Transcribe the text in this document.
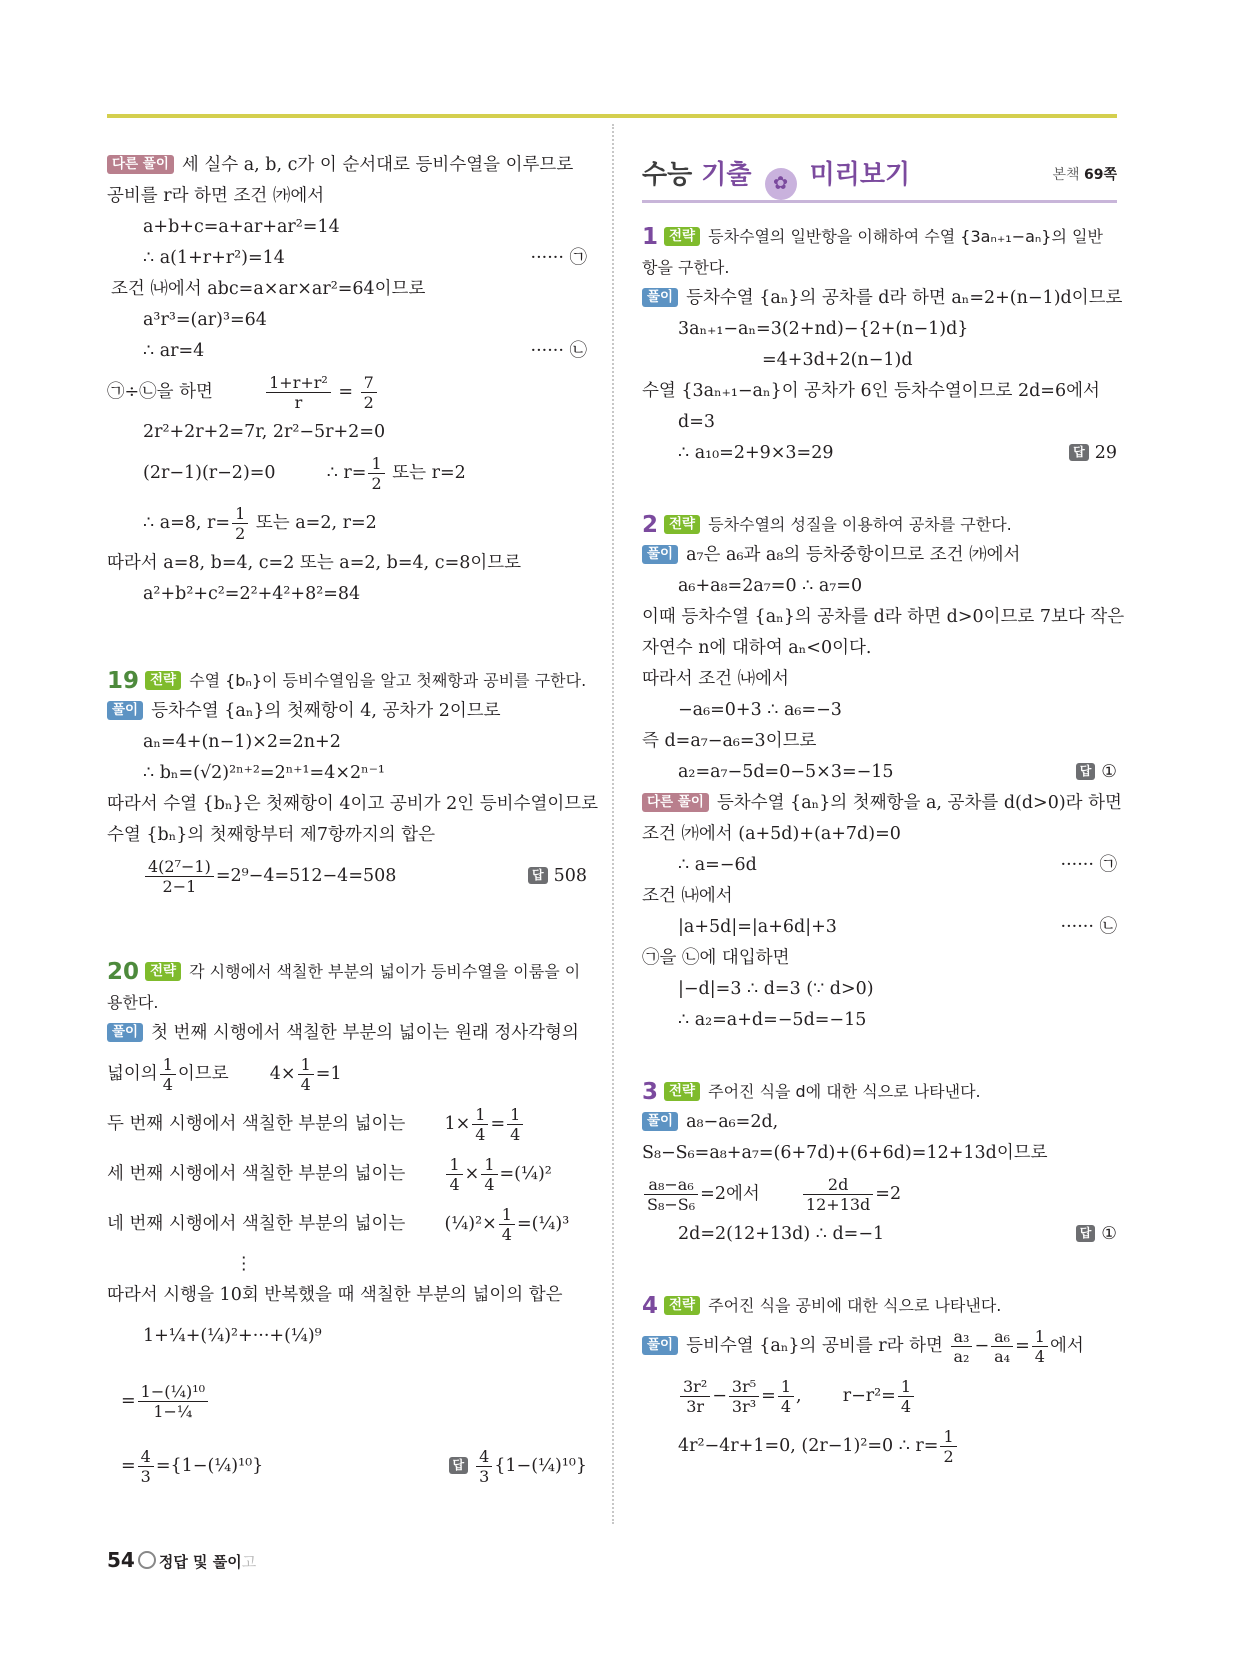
다른 풀이 세 실수 a, b, c가 이 순서대로 등비수열을 이루므로
공비를 r라 하면 조건 ㈎에서
a+b+c=a+ar+ar²=14
∴ a(1+r+r²)=14	······ ㉠
조건 ㈏에서 abc=a×ar×ar²=64이므로
a³r³=(ar)³=64
∴ ar=4	······ ㉡
㉠÷㉡을 하면	$\frac{\text{1+r+r²}}{r} = \frac{7}{2}$
2r²+2r+2=7r, 2r²−5r+2=0
(2r−1)(r−2)=0	∴ $r= \frac{1}{2}$ 또는 r=2
∴ a=8, $r= \frac{1}{2}$ 또는 a=2, r=2
따라서 a=8, b=4, c=2 또는 a=2, b=4, c=8이므로
a²+b²+c²=2²+4²+8²=84
19 전략 수열 {bₙ}이 등비수열임을 알고 첫째항과 공비를 구한다.
풀이 등차수열 {aₙ}의 첫째항이 4, 공차가 2이므로
aₙ=4+(n−1)×2=2n+2
∴ bₙ=(√2)²ⁿ⁺²=2ⁿ⁺¹=4×2ⁿ⁻¹
따라서 수열 {bₙ}은 첫째항이 4이고 공비가 2인 등비수열이므로
수열 {bₙ}의 첫째항부터 제7항까지의 합은
$\frac{\text{4(2⁷−1)}}{2-1} =2^9-4=512-4=508$	답 508
20 전략 각 시행에서 색칠한 부분의 넓이가 등비수열을 이룸을 이
용한다.
풀이 첫 번째 시행에서 색칠한 부분의 넓이는 원래 정사각형의
넓이의 $\frac{1}{4}$ 이므로 $4\times \frac{1}{4} =1$
두 번째 시행에서 색칠한 부분의 넓이는 $1\times \frac{1}{4} = \frac{1}{4}$
세 번째 시행에서 색칠한 부분의 넓이는	$\frac{1}{4} \times \frac{1}{4}$ =(¼)²
네 번째 시행에서 색칠한 부분의 넓이는 (¼)²× $\frac{1}{4}$ =(¼)³
⋮
따라서 시행을 10회 반복했을 때 색칠한 부분의 넓이의 합은
1+¼+(¼)²+···+(¼)⁹
= $\frac{\text{1−(¼)¹⁰}}{\text{1−¼}}$
= $\frac{4}{3}$ ={1−(¼)¹⁰}	답 $\frac{4}{3}$ {1−(¼)¹⁰}
수능 기출 ✿ 미리보기	본책 69쪽
1 전략 등차수열의 일반항을 이해하여 수열 {3aₙ₊₁−aₙ}의 일반
항을 구한다.
풀이 등차수열 {aₙ}의 공차를 d라 하면 aₙ=2+(n−1)d이므로
3aₙ₊₁−aₙ=3(2+nd)−{2+(n−1)d}
=4+3d+2(n−1)d
수열 {3aₙ₊₁−aₙ}이 공차가 6인 등차수열이므로 2d=6에서
d=3
∴ a₁₀=2+9×3=29	답 29
2 전략 등차수열의 성질을 이용하여 공차를 구한다.
풀이 a₇은 a₆과 a₈의 등차중항이므로 조건 ㈎에서
a₆+a₈=2a₇=0 ∴ a₇=0
이때 등차수열 {aₙ}의 공차를 d라 하면 d>0이므로 7보다 작은
자연수 n에 대하여 aₙ<0이다.
따라서 조건 ㈏에서
−a₆=0+3 ∴ a₆=−3
즉 d=a₇−a₆=3이므로
a₂=a₇−5d=0−5×3=−15	답 ①
다른 풀이 등차수열 {aₙ}의 첫째항을 a, 공차를 d(d>0)라 하면
조건 ㈎에서 (a+5d)+(a+7d)=0
∴ a=−6d	······ ㉠
조건 ㈏에서
|a+5d|=|a+6d|+3	······ ㉡
㉠을 ㉡에 대입하면
|−d|=3 ∴ d=3 (∵ d>0)
∴ a₂=a+d=−5d=−15
3 전략 주어진 식을 d에 대한 식으로 나타낸다.
풀이 a₈−a₆=2d,
S₈−S₆=a₈+a₇=(6+7d)+(6+6d)=12+13d이므로
$\frac{\text{a₈−a₆}}{\text{S₈−S₆}} =2$에서	$\frac{2d}{12+13d} =2$
2d=2(12+13d) ∴ d=−1	답 ①
4 전략 주어진 식을 공비에 대한 식으로 나타낸다.
풀이 등비수열 {aₙ}의 공비를 r라 하면 $\frac{\text{a₃}}{\text{a₂}} - \frac{\text{a₆}}{\text{a₄}} = \frac{1}{4}$ 에서
$\frac{\text{3r²}}{3r} - \frac{\text{3r⁵}}{\text{3r³}} = \frac{1}{4}$ , $r-r^2= \frac{1}{4}$
4r²−4r+1=0, (2r−1)²=0 ∴ $r= \frac{1}{2}$
54 정답 및 풀이고
